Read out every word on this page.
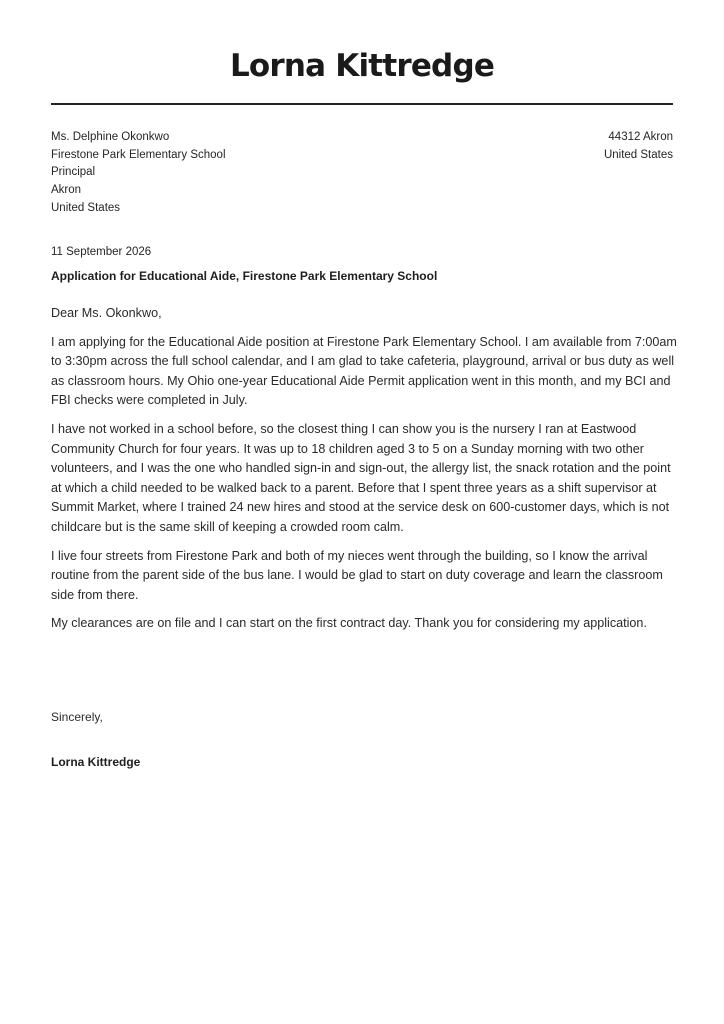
Lorna Kittredge
Ms. Delphine Okonkwo
Firestone Park Elementary School
Principal
Akron
United States
44312 Akron
United States
11 September 2026
Application for Educational Aide, Firestone Park Elementary School

Dear Ms. Okonkwo,

I am applying for the Educational Aide position at Firestone Park Elementary School. I am available from 7:00am to 3:30pm across the full school calendar, and I am glad to take cafeteria, playground, arrival or bus duty as well as classroom hours. My Ohio one-year Educational Aide Permit application went in this month, and my BCI and FBI checks were completed in July.

I have not worked in a school before, so the closest thing I can show you is the nursery I ran at Eastwood Community Church for four years. It was up to 18 children aged 3 to 5 on a Sunday morning with two other volunteers, and I was the one who handled sign-in and sign-out, the allergy list, the snack rotation and the point at which a child needed to be walked back to a parent. Before that I spent three years as a shift supervisor at Summit Market, where I trained 24 new hires and stood at the service desk on 600-customer days, which is not childcare but is the same skill of keeping a crowded room calm.

I live four streets from Firestone Park and both of my nieces went through the building, so I know the arrival routine from the parent side of the bus lane. I would be glad to start on duty coverage and learn the classroom side from there.

My clearances are on file and I can start on the first contract day. Thank you for considering my application.

Sincerely,
Lorna Kittredge
